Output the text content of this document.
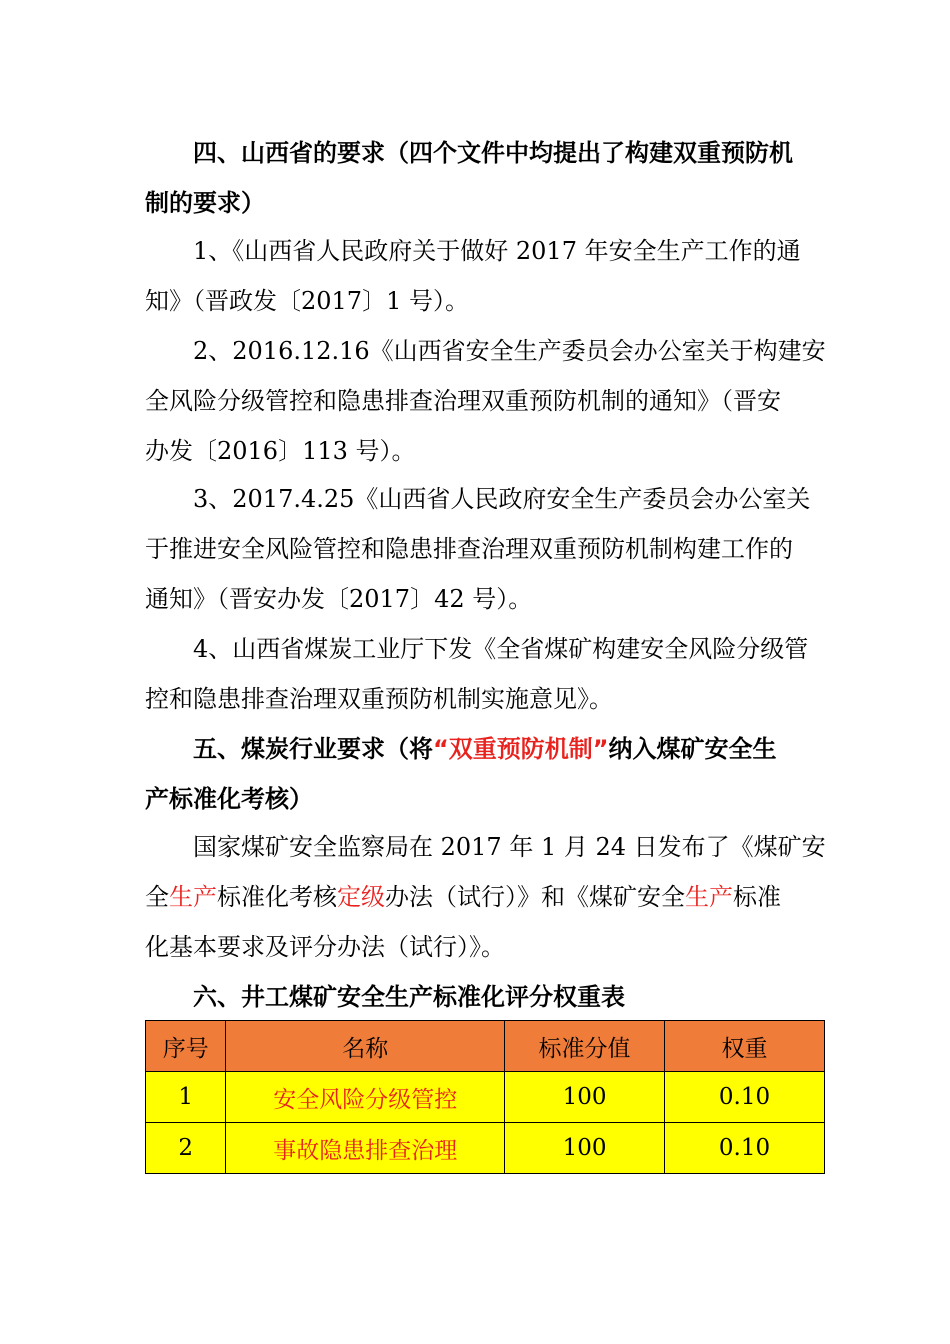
四、山西省的要求（四个文件中均提出了构建双重预防机
制的要求）

1、《山西省人民政府关于做好 2017 年安全生产工作的通
知》（晋政发〔2017〕1 号）。

2、2016.12.16《山西省安全生产委员会办公室关于构建安
全风险分级管控和隐患排查治理双重预防机制的通知》（晋安
办发〔2016〕113 号）。

3、2017.4.25《山西省人民政府安全生产委员会办公室关
于推进安全风险管控和隐患排查治理双重预防机制构建工作的
通知》（晋安办发〔2017〕42 号）。

4、山西省煤炭工业厅下发《全省煤矿构建安全风险分级管
控和隐患排查治理双重预防机制实施意见》。

五、煤炭行业要求（将“双重预防机制”纳入煤矿安全生
产标准化考核）

国家煤矿安全监察局在 2017 年 1 月 24 日发布了《煤矿安
全生产标准化考核定级办法（试行）》和《煤矿安全生产标准
化基本要求及评分办法（试行）》。

六、井工煤矿安全生产标准化评分权重表

序号	名称	标准分值	权重
1	安全风险分级管控	100	0.10
2	事故隐患排查治理	100	0.10
